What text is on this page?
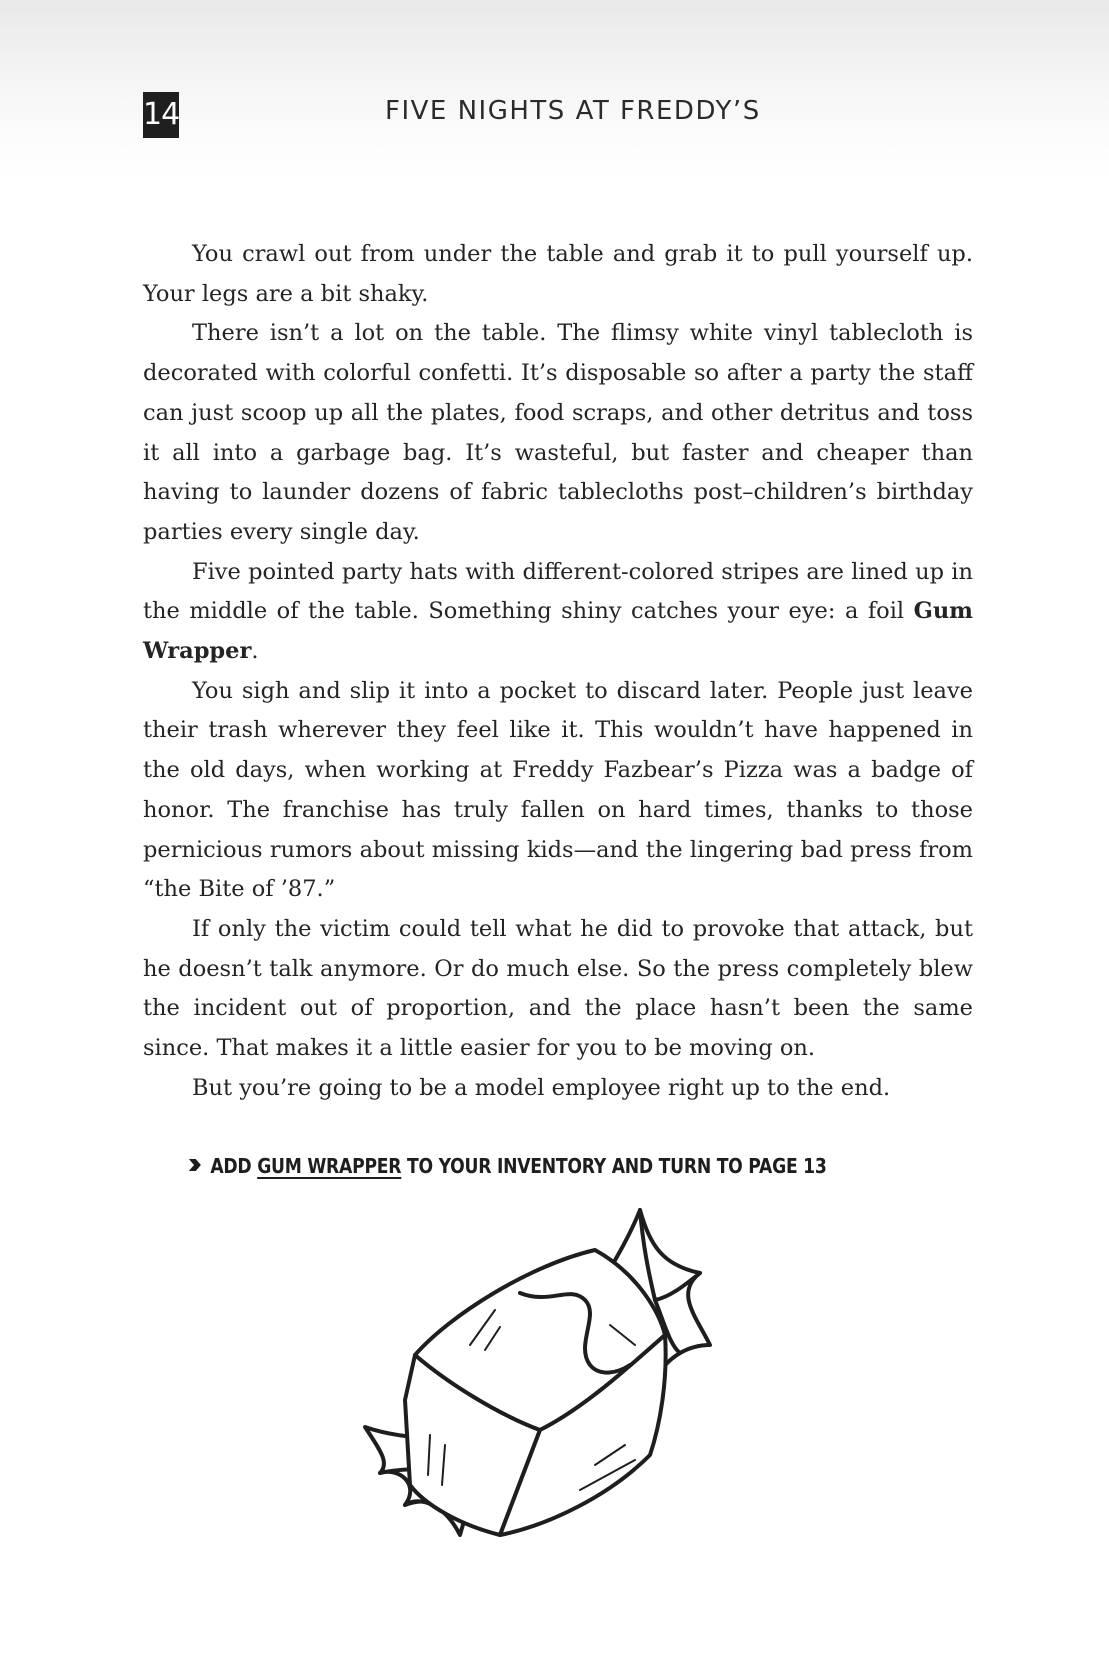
14	FIVE NIGHTS AT FREDDY’S

You crawl out from under the table and grab it to pull yourself up. Your legs are a bit shaky.

There isn’t a lot on the table. The flimsy white vinyl tablecloth is decorated with colorful confetti. It’s disposable so after a party the staff can just scoop up all the plates, food scraps, and other detritus and toss it all into a garbage bag. It’s wasteful, but faster and cheaper than having to launder dozens of fabric tablecloths post–children’s birthday parties every single day.

Five pointed party hats with different-colored stripes are lined up in the middle of the table. Something shiny catches your eye: a foil Gum Wrapper.

You sigh and slip it into a pocket to discard later. People just leave their trash wherever they feel like it. This wouldn’t have happened in the old days, when working at Freddy Fazbear’s Pizza was a badge of honor. The franchise has truly fallen on hard times, thanks to those pernicious rumors about missing kids—and the lingering bad press from “the Bite of ’87.”

If only the victim could tell what he did to provoke that attack, but he doesn’t talk anymore. Or do much else. So the press completely blew the incident out of proportion, and the place hasn’t been the same since. That makes it a little easier for you to be moving on.

But you’re going to be a model employee right up to the end.

ADD GUM WRAPPER TO YOUR INVENTORY AND TURN TO PAGE 13
